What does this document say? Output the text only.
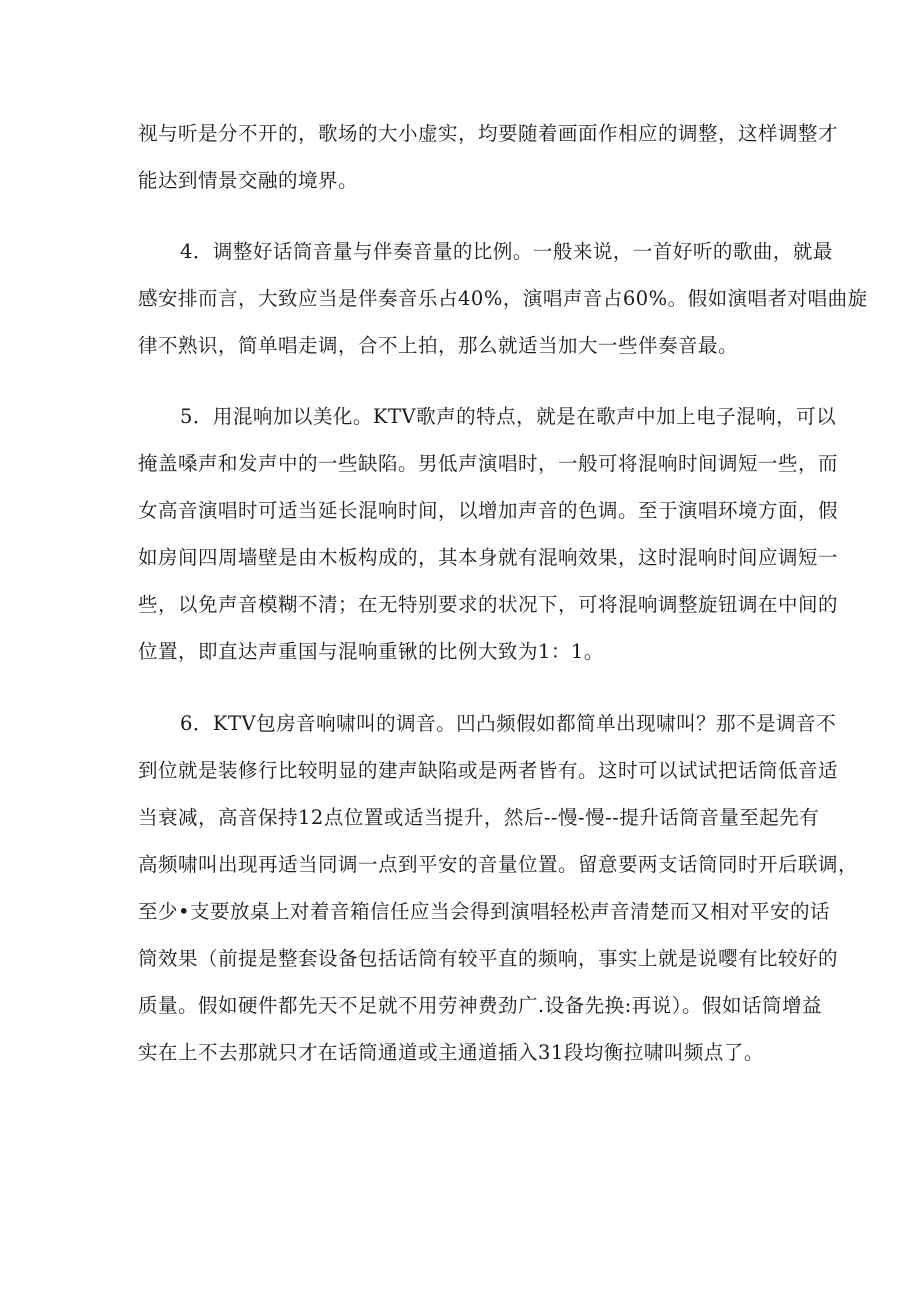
视与听是分不开的，歌场的大小虚实，均要随着画面作相应的调整，这样调整才
能达到情景交融的境界。
4．调整好话筒音量与伴奏音量的比例。一般来说，一首好听的歌曲，就最
感安排而言，大致应当是伴奏音乐占40%，演唱声音占60%。假如演唱者对唱曲旋
律不熟识，简单唱走调，合不上拍，那么就适当加大一些伴奏音最。
5．用混响加以美化。KTV歌声的特点，就是在歌声中加上电子混响，可以
掩盖嗓声和发声中的一些缺陷。男低声演唱时，一般可将混响时间调短一些，而
女高音演唱时可适当延长混响时间，以增加声音的色调。至于演唱环境方面，假
如房间四周墙壁是由木板构成的，其本身就有混响效果，这时混响时间应调短一
些，以免声音模糊不清；在无特别要求的状况下，可将混响调整旋钮调在中间的
位置，即直达声重国与混响重锹的比例大致为1：1。
6．KTV包房音响啸叫的调音。凹凸频假如都简单出现啸叫？那不是调音不
到位就是装修行比较明显的建声缺陷或是两者皆有。这时可以试试把话筒低音适
当衰减，高音保持12点位置或适当提升，然后--慢-慢--提升话筒音量至起先有
高频啸叫出现再适当同调一点到平安的音量位置。留意要两支话筒同时开后联调，
至少•支要放桌上对着音箱信任应当会得到演唱轻松声音清楚而又相对平安的话
筒效果（前提是整套设备包括话筒有较平直的频响，事实上就是说嘤有比较好的
质量。假如硬件都先天不足就不用劳神费劲广.设备先换:再说）。假如话筒增益
实在上不去那就只才在话筒通道或主通道插入31段均衡拉啸叫频点了。
